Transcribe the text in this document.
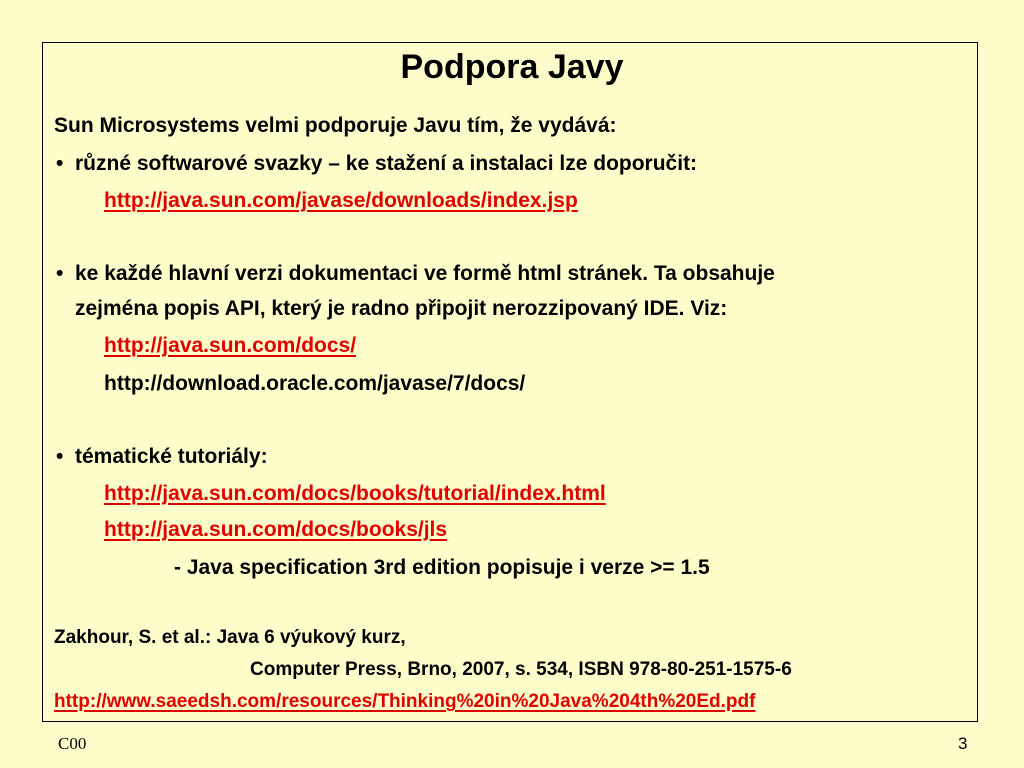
Podpora Javy
Sun Microsystems velmi podporuje Javu tím, že vydává:
• různé softwarové svazky – ke stažení a instalaci lze doporučit:
http://java.sun.com/javase/downloads/index.jsp
• ke každé hlavní verzi dokumentaci ve formě html stránek. Ta obsahuje
zejména popis API, který je radno připojit nerozzipovaný IDE. Viz:
http://java.sun.com/docs/
http://download.oracle.com/javase/7/docs/
• tématické tutoriály:
http://java.sun.com/docs/books/tutorial/index.html
http://java.sun.com/docs/books/jls
- Java specification 3rd edition popisuje i verze >= 1.5
Zakhour, S. et al.: Java 6 výukový kurz,
Computer Press, Brno, 2007, s. 534, ISBN 978-80-251-1575-6
http://www.saeedsh.com/resources/Thinking%20in%20Java%204th%20Ed.pdf
C00	3
